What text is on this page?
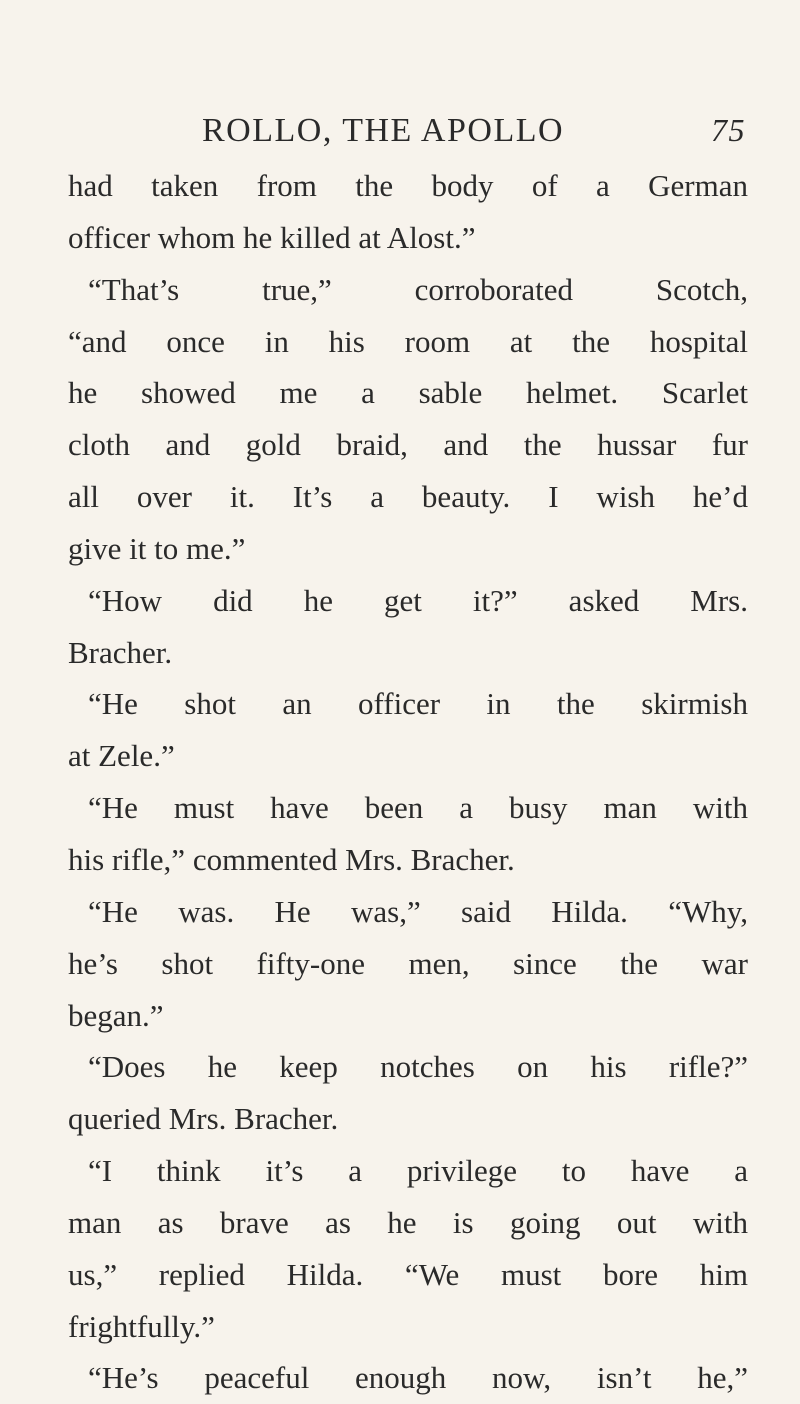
ROLLO, THE APOLLO	75
had taken from the body of a German
officer whom he killed at Alost.”
“That’s true,” corroborated Scotch,
“and once in his room at the hospital
he showed me a sable helmet. Scarlet
cloth and gold braid, and the hussar fur
all over it. It’s a beauty. I wish he’d
give it to me.”
“How did he get it?” asked Mrs.
Bracher.
“He shot an officer in the skirmish
at Zele.”
“He must have been a busy man with
his rifle,” commented Mrs. Bracher.
“He was. He was,” said Hilda. “Why,
he’s shot fifty-one men, since the war
began.”
“Does he keep notches on his rifle?”
queried Mrs. Bracher.
“I think it’s a privilege to have a
man as brave as he is going out with
us,” replied Hilda. “We must bore him
frightfully.”
“He’s peaceful enough now, isn’t he,”
